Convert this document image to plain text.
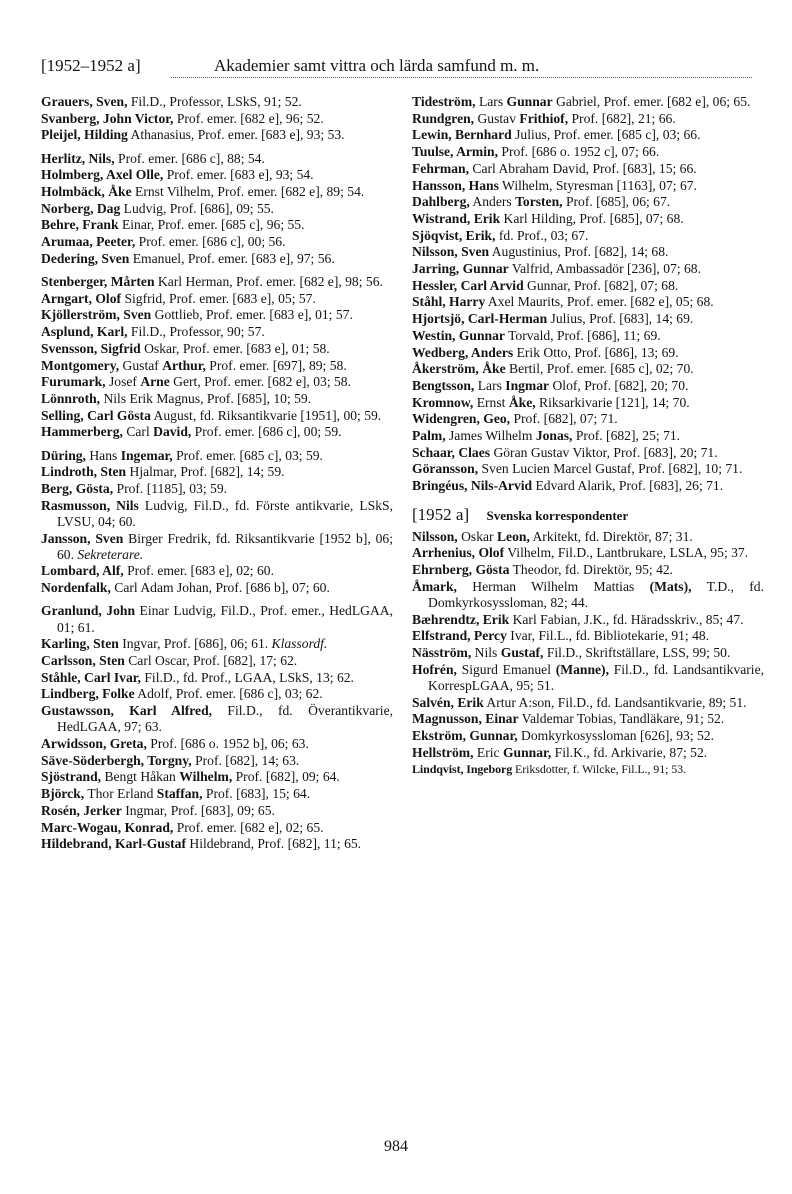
[1952–1952 a]	Akademier samt vittra och lärda samfund m. m.
Grauers, Sven, Fil.D., Professor, LSkS, 91; 52.
Svanberg, John Victor, Prof. emer. [682 e], 96; 52.
Pleijel, Hilding Athanasius, Prof. emer. [683 e], 93; 53.
Herlitz, Nils, Prof. emer. [686 c], 88; 54.
Holmberg, Axel Olle, Prof. emer. [683 e], 93; 54.
Holmbäck, Åke Ernst Vilhelm, Prof. emer. [682 e], 89; 54.
Norberg, Dag Ludvig, Prof. [686], 09; 55.
Behre, Frank Einar, Prof. emer. [685 c], 96; 55.
Arumaa, Peeter, Prof. emer. [686 c], 00; 56.
Dedering, Sven Emanuel, Prof. emer. [683 e], 97; 56.
Stenberger, Mårten Karl Herman, Prof. emer. [682 e], 98; 56.
Arngart, Olof Sigfrid, Prof. emer. [683 e], 05; 57.
Kjöllerström, Sven Gottlieb, Prof. emer. [683 e], 01; 57.
Asplund, Karl, Fil.D., Professor, 90; 57.
Svensson, Sigfrid Oskar, Prof. emer. [683 e], 01; 58.
Montgomery, Gustaf Arthur, Prof. emer. [697], 89; 58.
Furumark, Josef Arne Gert, Prof. emer. [682 e], 03; 58.
Lönnroth, Nils Erik Magnus, Prof. [685], 10; 59.
Selling, Carl Gösta August, fd. Riksantikvarie [1951], 00; 59.
Hammerberg, Carl David, Prof. emer. [686 c], 00; 59.
Düring, Hans Ingemar, Prof. emer. [685 c], 03; 59.
Lindroth, Sten Hjalmar, Prof. [682], 14; 59.
Berg, Gösta, Prof. [1185], 03; 59.
Rasmusson, Nils Ludvig, Fil.D., fd. Förste antikvarie, LSkS, LVSU, 04; 60.
Jansson, Sven Birger Fredrik, fd. Riksantikvarie [1952 b], 06; 60. Sekreterare.
Lombard, Alf, Prof. emer. [683 e], 02; 60.
Nordenfalk, Carl Adam Johan, Prof. [686 b], 07; 60.
Granlund, John Einar Ludvig, Fil.D., Prof. emer., HedLGAA, 01; 61.
Karling, Sten Ingvar, Prof. [686], 06; 61. Klassordf.
Carlsson, Sten Carl Oscar, Prof. [682], 17; 62.
Ståhle, Carl Ivar, Fil.D., fd. Prof., LGAA, LSkS, 13; 62.
Lindberg, Folke Adolf, Prof. emer. [686 c], 03; 62.
Gustawsson, Karl Alfred, Fil.D., fd. Överantikvarie, HedLGAA, 97; 63.
Arwidsson, Greta, Prof. [686 o. 1952 b], 06; 63.
Säve-Söderbergh, Torgny, Prof. [682], 14; 63.
Sjöstrand, Bengt Håkan Wilhelm, Prof. [682], 09; 64.
Björck, Thor Erland Staffan, Prof. [683], 15; 64.
Rosén, Jerker Ingmar, Prof. [683], 09; 65.
Marc-Wogau, Konrad, Prof. emer. [682 e], 02; 65.
Hildebrand, Karl-Gustaf Hildebrand, Prof. [682], 11; 65.
Tideström, Lars Gunnar Gabriel, Prof. emer. [682 e], 06; 65.
Rundgren, Gustav Frithiof, Prof. [682], 21; 66.
Lewin, Bernhard Julius, Prof. emer. [685 c], 03; 66.
Tuulse, Armin, Prof. [686 o. 1952 c], 07; 66.
Fehrman, Carl Abraham David, Prof. [683], 15; 66.
Hansson, Hans Wilhelm, Styresman [1163], 07; 67.
Dahlberg, Anders Torsten, Prof. [685], 06; 67.
Wistrand, Erik Karl Hilding, Prof. [685], 07; 68.
Sjöqvist, Erik, fd. Prof., 03; 67.
Nilsson, Sven Augustinius, Prof. [682], 14; 68.
Jarring, Gunnar Valfrid, Ambassadör [236], 07; 68.
Hessler, Carl Arvid Gunnar, Prof. [682], 07; 68.
Ståhl, Harry Axel Maurits, Prof. emer. [682 e], 05; 68.
Hjortsjö, Carl-Herman Julius, Prof. [683], 14; 69.
Westin, Gunnar Torvald, Prof. [686], 11; 69.
Wedberg, Anders Erik Otto, Prof. [686], 13; 69.
Åkerström, Åke Bertil, Prof. emer. [685 c], 02; 70.
Bengtsson, Lars Ingmar Olof, Prof. [682], 20; 70.
Kromnow, Ernst Åke, Riksarkivarie [121], 14; 70.
Widengren, Geo, Prof. [682], 07; 71.
Palm, James Wilhelm Jonas, Prof. [682], 25; 71.
Schaar, Claes Göran Gustav Viktor, Prof. [683], 20; 71.
Göransson, Sven Lucien Marcel Gustaf, Prof. [682], 10; 71.
Bringéus, Nils-Arvid Edvard Alarik, Prof. [683], 26; 71.
[1952 a] Svenska korrespondenter
Nilsson, Oskar Leon, Arkitekt, fd. Direktör, 87; 31.
Arrhenius, Olof Vilhelm, Fil.D., Lantbrukare, LSLA, 95; 37.
Ehrnberg, Gösta Theodor, fd. Direktör, 95; 42.
Åmark, Herman Wilhelm Mattias (Mats), T.D., fd. Domkyrkosyssloman, 82; 44.
Bæhrendtz, Erik Karl Fabian, J.K., fd. Häradsskriv., 85; 47.
Elfstrand, Percy Ivar, Fil.L., fd. Bibliotekarie, 91; 48.
Näsström, Nils Gustaf, Fil.D., Skriftställare, LSS, 99; 50.
Hofrén, Sigurd Emanuel (Manne), Fil.D., fd. Landsantikvarie, KorrespLGAA, 95; 51.
Salvén, Erik Artur A:son, Fil.D., fd. Landsantikvarie, 89; 51.
Magnusson, Einar Valdemar Tobias, Tandläkare, 91; 52.
Ekström, Gunnar, Domkyrkosyssloman [626], 93; 52.
Hellström, Eric Gunnar, Fil.K., fd. Arkivarie, 87; 52.
Lindqvist, Ingeborg Eriksdotter, f. Wilcke, Fil.L., 91; 53.
984
